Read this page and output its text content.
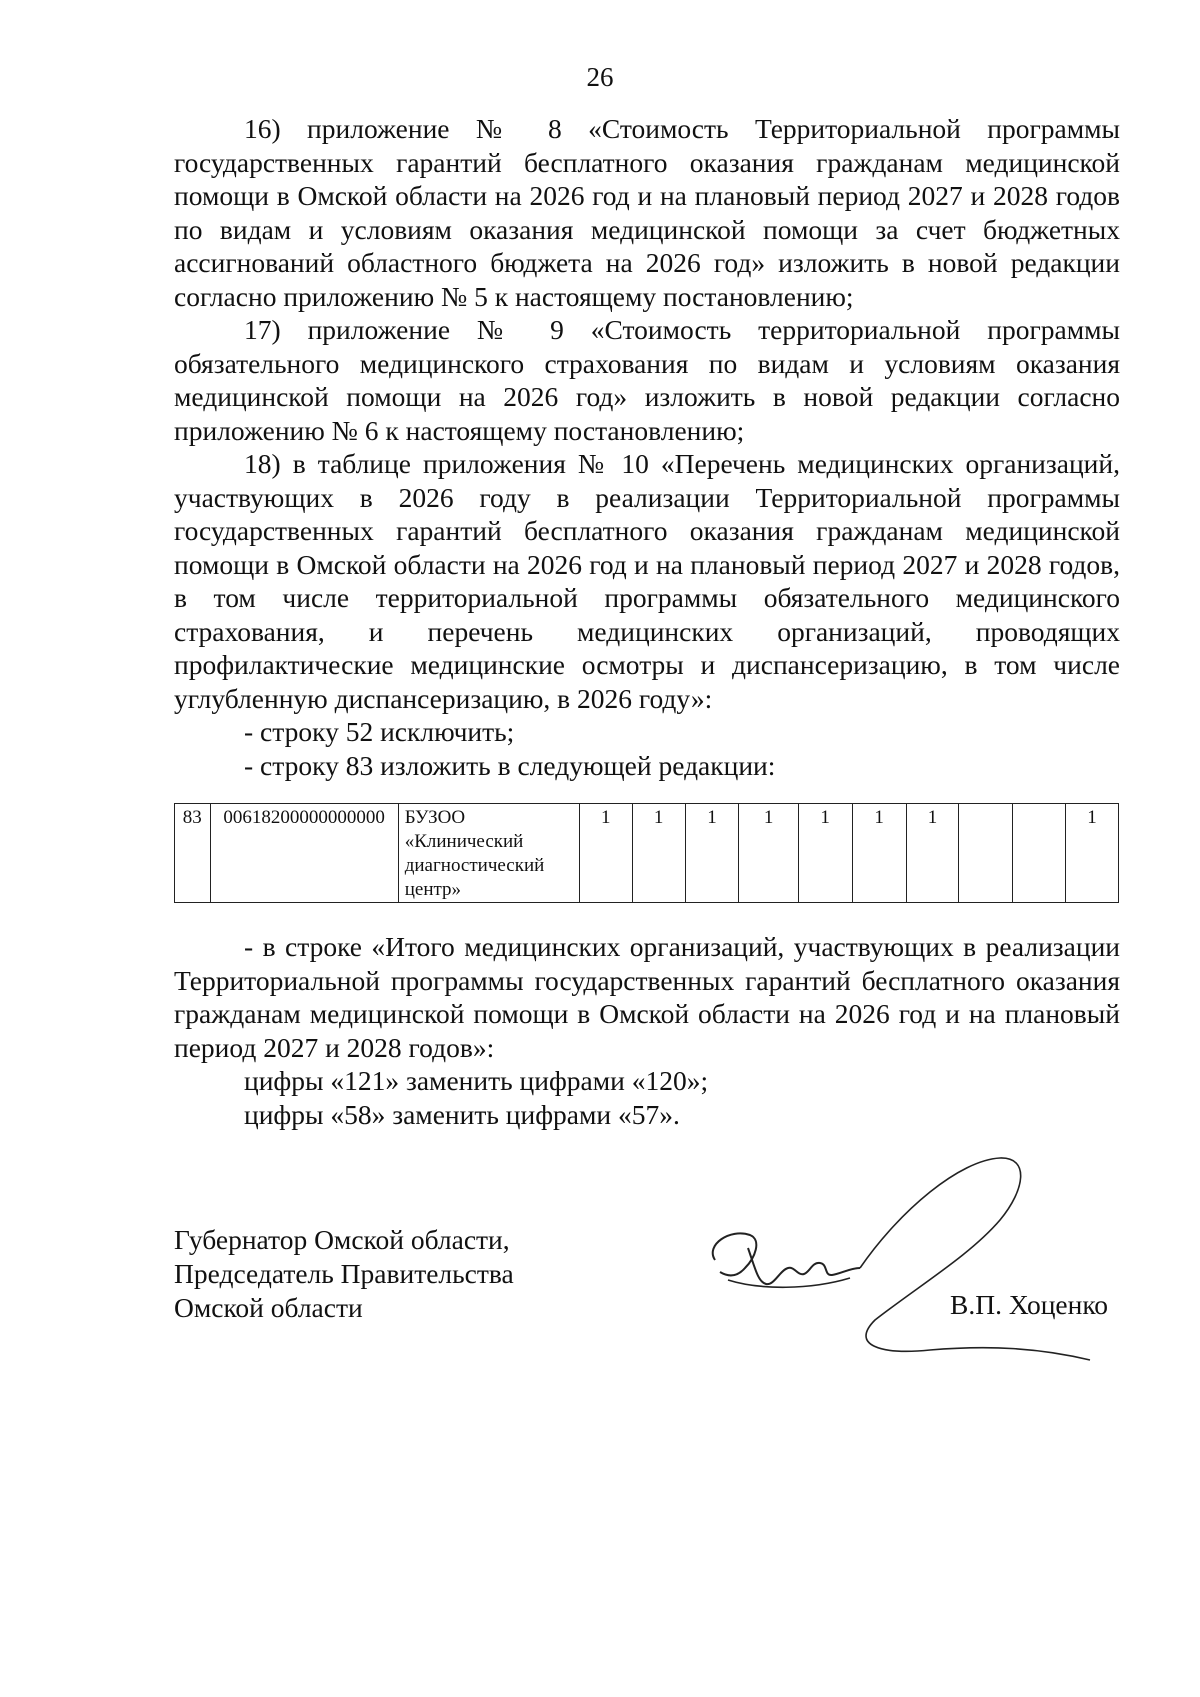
26

16) приложение № 8 «Стоимость Территориальной программы государственных гарантий бесплатного оказания гражданам медицинской помощи в Омской области на 2026 год и на плановый период 2027 и 2028 годов по видам и условиям оказания медицинской помощи за счет бюджетных ассигнований областного бюджета на 2026 год» изложить в новой редакции согласно приложению № 5 к настоящему постановлению;

17) приложение № 9 «Стоимость территориальной программы обязательного медицинского страхования по видам и условиям оказания медицинской помощи на 2026 год» изложить в новой редакции согласно приложению № 6 к настоящему постановлению;

18) в таблице приложения № 10 «Перечень медицинских организаций, участвующих в 2026 году в реализации Территориальной программы государственных гарантий бесплатного оказания гражданам медицинской помощи в Омской области на 2026 год и на плановый период 2027 и 2028 годов, в том числе территориальной программы обязательного медицинского страхования, и перечень медицинских организаций, проводящих профилактические медицинские осмотры и диспансеризацию, в том числе углубленную диспансеризацию, в 2026 году»:

- строку 52 исключить;

- строку 83 изложить в следующей редакции:

83	00618200000000000	БУЗОО «Клинический диагностический центр»	1	1	1	1	1	1	1			1

- в строке «Итого медицинских организаций, участвующих в реализации Территориальной программы государственных гарантий бесплатного оказания гражданам медицинской помощи в Омской области на 2026 год и на плановый период 2027 и 2028 годов»:

цифры «121» заменить цифрами «120»;

цифры «58» заменить цифрами «57».

Губернатор Омской области,
Председатель Правительства
Омской области	В.П. Хоценко
